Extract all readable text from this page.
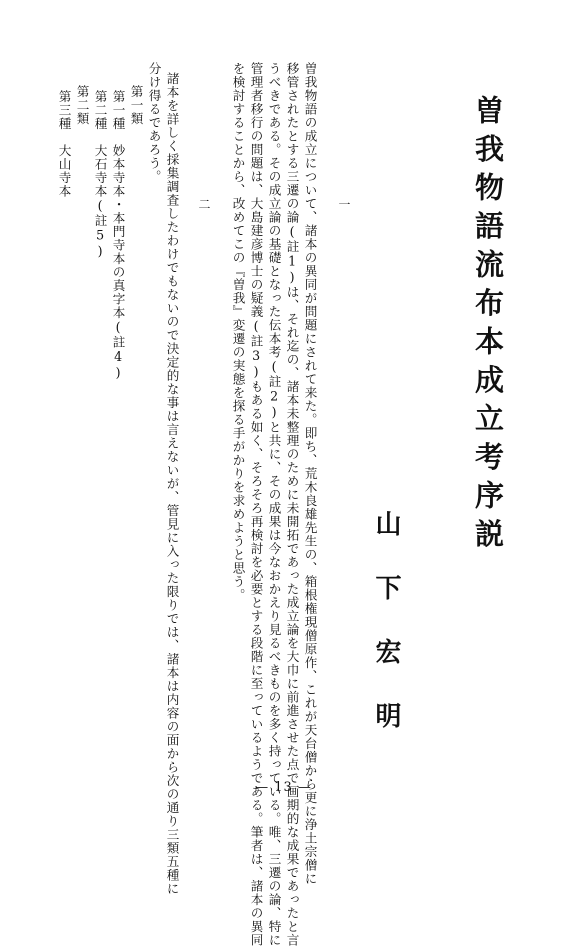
曽我物語流布本成立考序説
山下宏明
一
曽我物語の成立について、諸本の異同が問題にされて来た。即ち、荒木良雄先生の、箱根権現僧原作、これが天台僧から更に浄土宗僧に
移管されたとする三遷の論(註1)は、それ迄の、諸本未整理のために未開拓であった成立論を大巾に前進させた点で画期的な成果であったと言
うべきである。その成立論の基礎となった伝本考(註2)と共に、その成果は今なおかえり見るべきものを多く持っている。唯、三遷の論、特に
管理者移行の問題は、大島建彦博士の疑義(註3)もある如く、そろそろ再検討を必要とする段階に至っているようである。筆者は、諸本の異同
を検討することから、改めてこの『曽我』変遷の実態を探る手がかりを求めようと思う。
二
諸本を詳しく採集調査したわけでもないので決定的な事は言えないが、管見に入った限りでは、諸本は内容の面から次の通り三類五種に
分け得るであろう。
第一類
第一種　妙本寺本・本門寺本の真字本(註4)
第二種　大石寺本(註5)
第二類
第三種　大山寺本
— 13 —
